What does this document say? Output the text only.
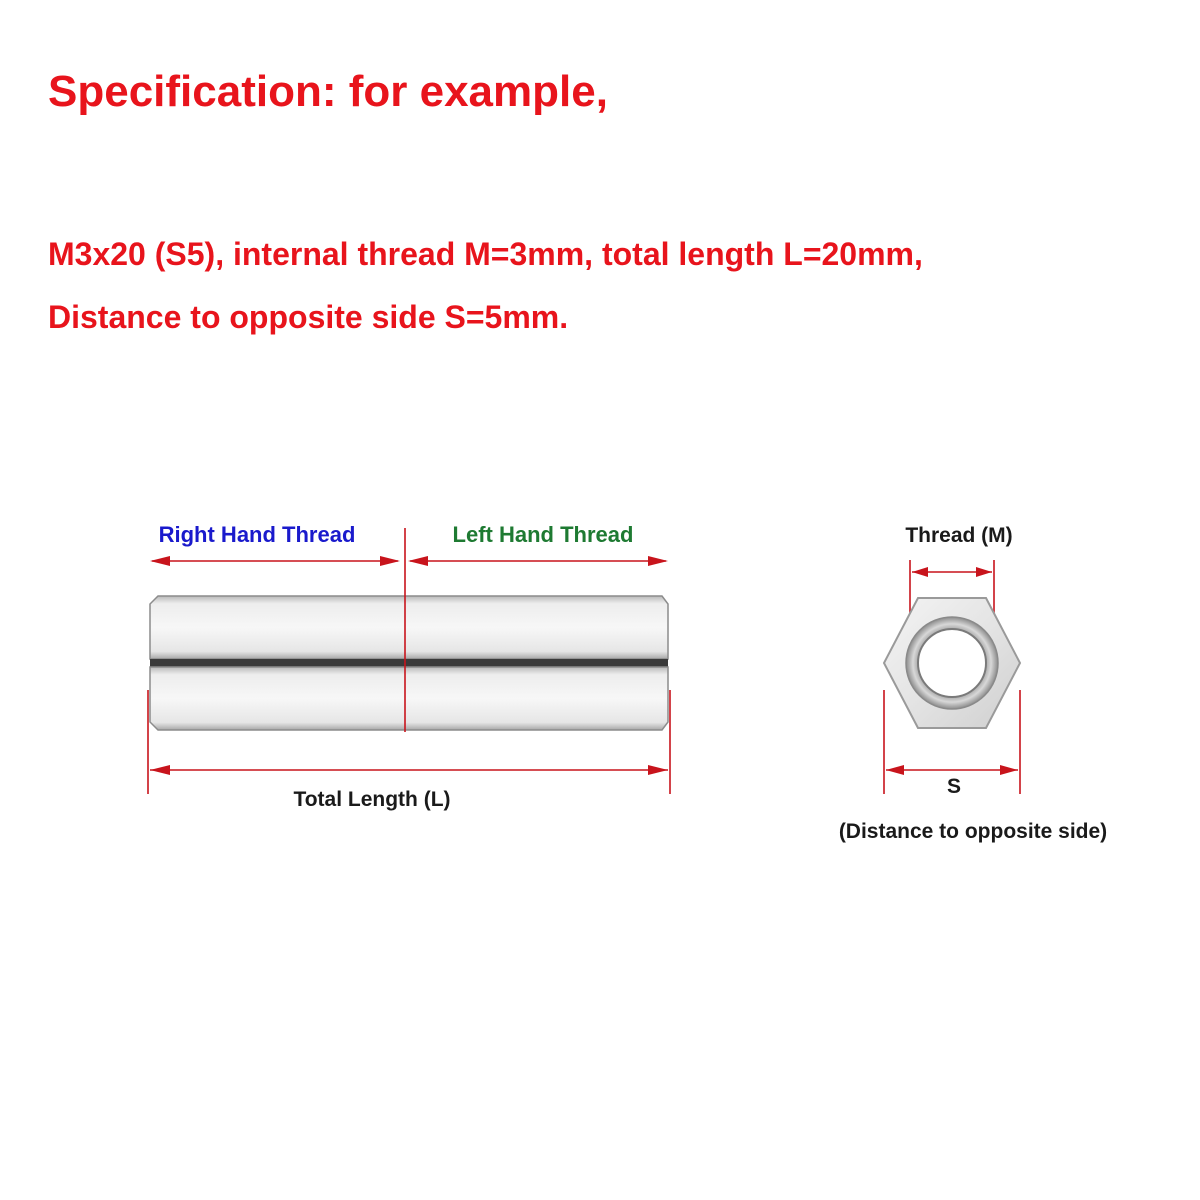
Specification: for example,

M3x20 (S5), internal thread M=3mm, total length L=20mm,

Distance to opposite side S=5mm.

Right Hand Thread	Left Hand Thread
Total Length (L)
Thread (M)
S
(Distance to opposite side)
